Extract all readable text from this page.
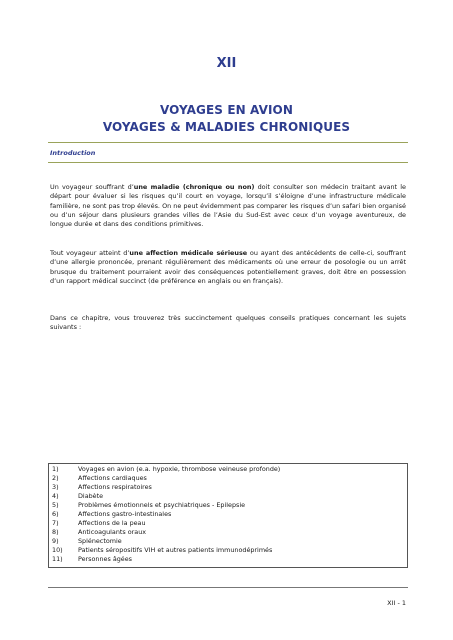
XII
VOYAGES EN AVION
VOYAGES & MALADIES CHRONIQUES
Introduction

Un voyageur souffrant d’une maladie (chronique ou non) doit consulter son médecin traitant avant le départ pour évaluer si les risques qu’il court en voyage, lorsqu’il s’éloigne d’une infrastructure médicale familière, ne sont pas trop élevés. On ne peut évidemment pas comparer les risques d’un safari bien organisé ou d’un séjour dans plusieurs grandes villes de l’Asie du Sud-Est avec ceux d’un voyage aventureux, de longue durée et dans des conditions primitives.

Tout voyageur atteint d’une affection médicale sérieuse ou ayant des antécédents de celle-ci, souffrant d’une allergie prononcée, prenant régulièrement des médicaments où une erreur de posologie ou un arrêt brusque du traitement pourraient avoir des conséquences potentiellement graves, doit être en possession d’un rapport médical succinct (de préférence en anglais ou en français).

Dans ce chapitre, vous trouverez très succinctement quelques conseils pratiques concernant les sujets suivants :

1)	Voyages en avion (e.a. hypoxie, thrombose veineuse profonde)
2)	Affections cardiaques
3)	Affections respiratoires
4)	Diabète
5)	Problèmes émotionnels et psychiatriques - Epilepsie
6)	Affections gastro-intestinales
7)	Affections de la peau
8)	Anticoagulants oraux
9)	Splénectomie
10)	Patients séropositifs VIH et autres patients immunodéprimés
11)	Personnes âgées
XII - 1
